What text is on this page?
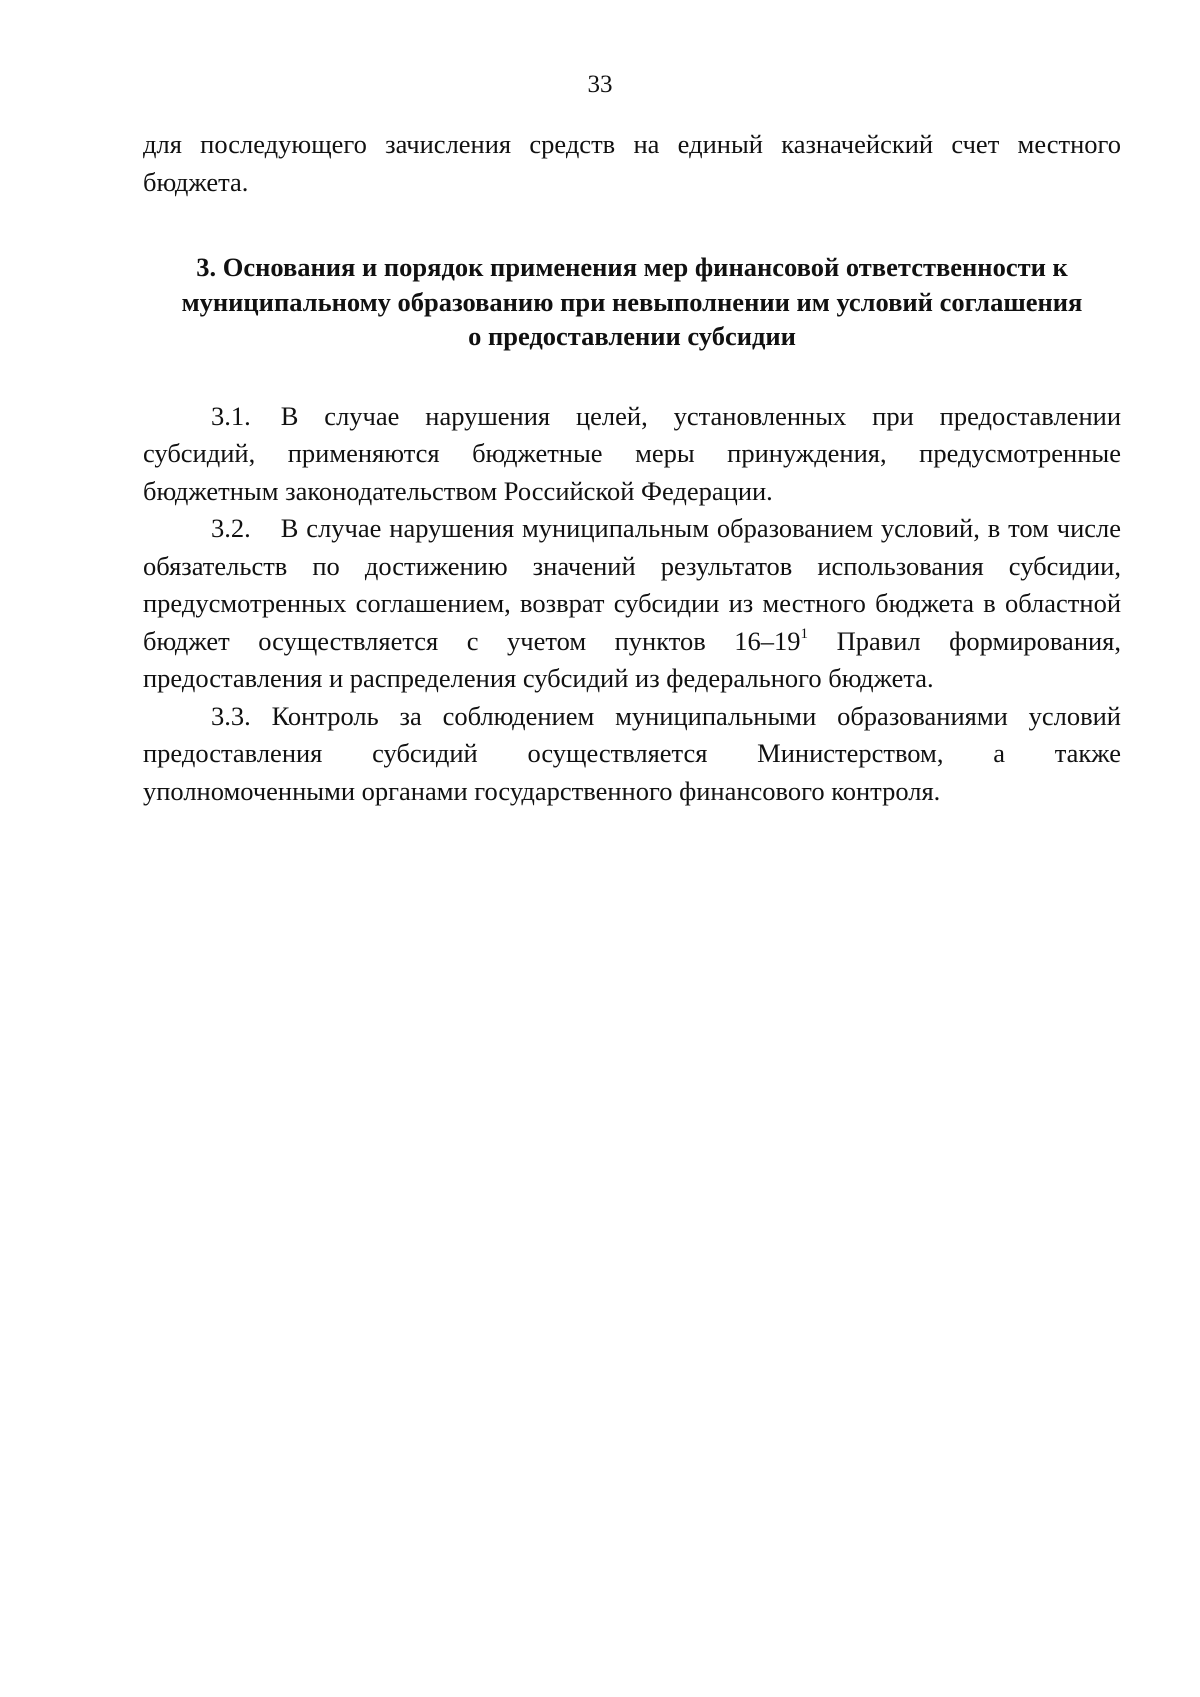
33

для последующего зачисления средств на единый казначейский счет местного бюджета.

3. Основания и порядок применения мер финансовой ответственности к
муниципальному образованию при невыполнении им условий соглашения
о предоставлении субсидии

3.1. В случае нарушения целей, установленных при предоставлении субсидий, применяются бюджетные меры принуждения, предусмотренные бюджетным законодательством Российской Федерации.

3.2. В случае нарушения муниципальным образованием условий, в том числе обязательств по достижению значений результатов использования субсидии, предусмотренных соглашением, возврат субсидии из местного бюджета в областной бюджет осуществляется с учетом пунктов $16-19^1$ Правил формирования, предоставления и распределения субсидий из федерального бюджета.

3.3. Контроль за соблюдением муниципальными образованиями условий предоставления субсидий осуществляется Министерством, а также уполномоченными органами государственного финансового контроля.
